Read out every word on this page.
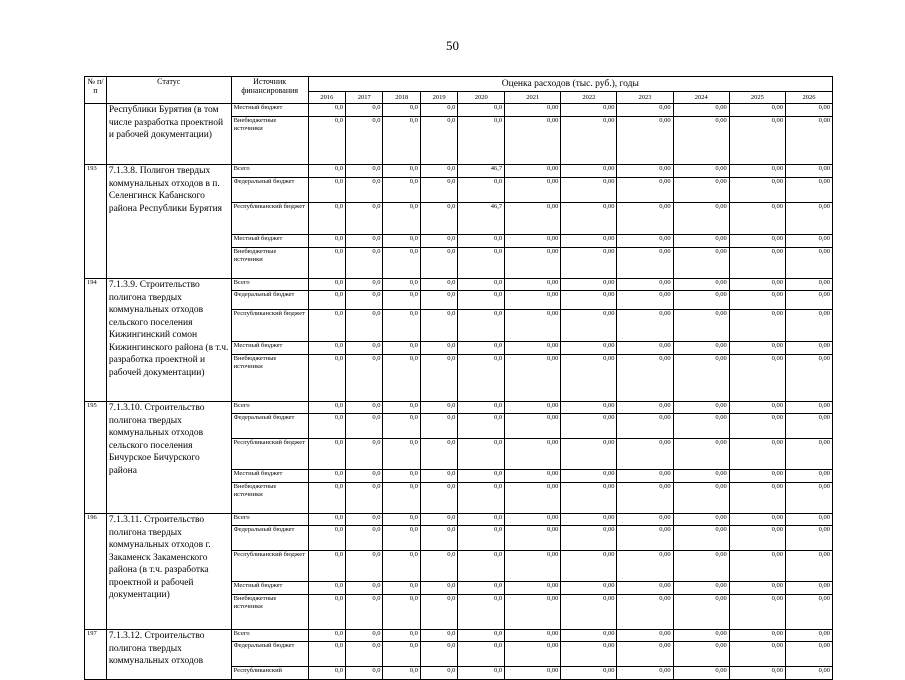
50
№ п/п	Статус	Источник финансирования	Оценка расходов (тыс. руб.), годы										
			2016	2017	2018	2019	2020	2021	2022	2023	2024	2025	2026
	Республики Бурятия (в том числе разработка проектной и рабочей документации)	Местный бюджет	0,0	0,0	0,0	0,0	0,0	0,00	0,00	0,00	0,00	0,00	0,00
		Внебюджетные источники	0,0	0,0	0,0	0,0	0,0	0,00	0,00	0,00	0,00	0,00	0,00
193	7.1.3.8. Полигон твердых коммунальных отходов в п. Селенгинск Кабанского района Республики Бурятия	Всего	0,0	0,0	0,0	0,0	46,7	0,00	0,00	0,00	0,00	0,00	0,00
		Федеральный бюджет	0,0	0,0	0,0	0,0	0,0	0,00	0,00	0,00	0,00	0,00	0,00
		Республиканский бюджет	0,0	0,0	0,0	0,0	46,7	0,00	0,00	0,00	0,00	0,00	0,00
		Местный бюджет	0,0	0,0	0,0	0,0	0,0	0,00	0,00	0,00	0,00	0,00	0,00
		Внебюджетные источники	0,0	0,0	0,0	0,0	0,0	0,00	0,00	0,00	0,00	0,00	0,00
194	7.1.3.9. Строительство полигона твердых коммунальных отходов сельского поселения Кижингинский сомон Кижингинского района (в т.ч. разработка проектной и рабочей документации)	Всего	0,0	0,0	0,0	0,0	0,0	0,00	0,00	0,00	0,00	0,00	0,00
		Федеральный бюджет	0,0	0,0	0,0	0,0	0,0	0,00	0,00	0,00	0,00	0,00	0,00
		Республиканский бюджет	0,0	0,0	0,0	0,0	0,0	0,00	0,00	0,00	0,00	0,00	0,00
		Местный бюджет	0,0	0,0	0,0	0,0	0,0	0,00	0,00	0,00	0,00	0,00	0,00
		Внебюджетные источники	0,0	0,0	0,0	0,0	0,0	0,00	0,00	0,00	0,00	0,00	0,00
195	7.1.3.10. Строительство полигона твердых коммунальных отходов сельского поселения Бичурское Бичурского района	Всего	0,0	0,0	0,0	0,0	0,0	0,00	0,00	0,00	0,00	0,00	0,00
		Федеральный бюджет	0,0	0,0	0,0	0,0	0,0	0,00	0,00	0,00	0,00	0,00	0,00
		Республиканский бюджет	0,0	0,0	0,0	0,0	0,0	0,00	0,00	0,00	0,00	0,00	0,00
		Местный бюджет	0,0	0,0	0,0	0,0	0,0	0,00	0,00	0,00	0,00	0,00	0,00
		Внебюджетные источники	0,0	0,0	0,0	0,0	0,0	0,00	0,00	0,00	0,00	0,00	0,00
196	7.1.3.11. Строительство полигона твердых коммунальных отходов г. Закаменск Закаменского района (в т.ч. разработка проектной и рабочей документации)	Всего	0,0	0,0	0,0	0,0	0,0	0,00	0,00	0,00	0,00	0,00	0,00
		Федеральный бюджет	0,0	0,0	0,0	0,0	0,0	0,00	0,00	0,00	0,00	0,00	0,00
		Республиканский бюджет	0,0	0,0	0,0	0,0	0,0	0,00	0,00	0,00	0,00	0,00	0,00
		Местный бюджет	0,0	0,0	0,0	0,0	0,0	0,00	0,00	0,00	0,00	0,00	0,00
		Внебюджетные источники	0,0	0,0	0,0	0,0	0,0	0,00	0,00	0,00	0,00	0,00	0,00
197	7.1.3.12. Строительство полигона твердых коммунальных отходов	Всего	0,0	0,0	0,0	0,0	0,0	0,00	0,00	0,00	0,00	0,00	0,00
		Федеральный бюджет	0,0	0,0	0,0	0,0	0,0	0,00	0,00	0,00	0,00	0,00	0,00
		Республиканский	0,0	0,0	0,0	0,0	0,0	0,00	0,00	0,00	0,00	0,00	0,00
